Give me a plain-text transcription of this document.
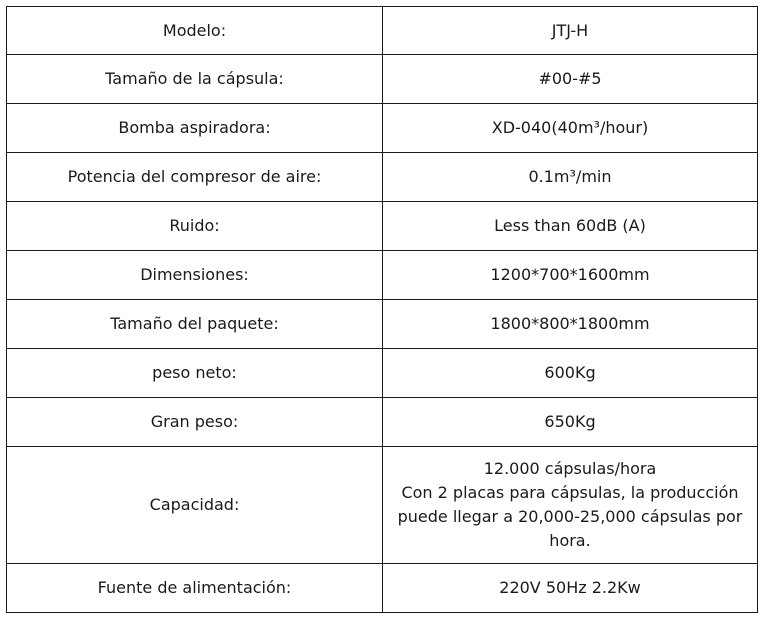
Modelo:	JTJ-H
Tamaño de la cápsula:	#00-#5
Bomba aspiradora:	XD-040(40m³/hour)
Potencia del compresor de aire:	0.1m³/min
Ruido:	Less than 60dB (A)
Dimensiones:	1200*700*1600mm
Tamaño del paquete:	1800*800*1800mm
peso neto:	600Kg
Gran peso:	650Kg
Capacidad:	12.000 cápsulas/hora
Con 2 placas para cápsulas, la producción
puede llegar a 20,000-25,000 cápsulas por
hora.

Fuente de alimentación:	220V 50Hz 2.2Kw
